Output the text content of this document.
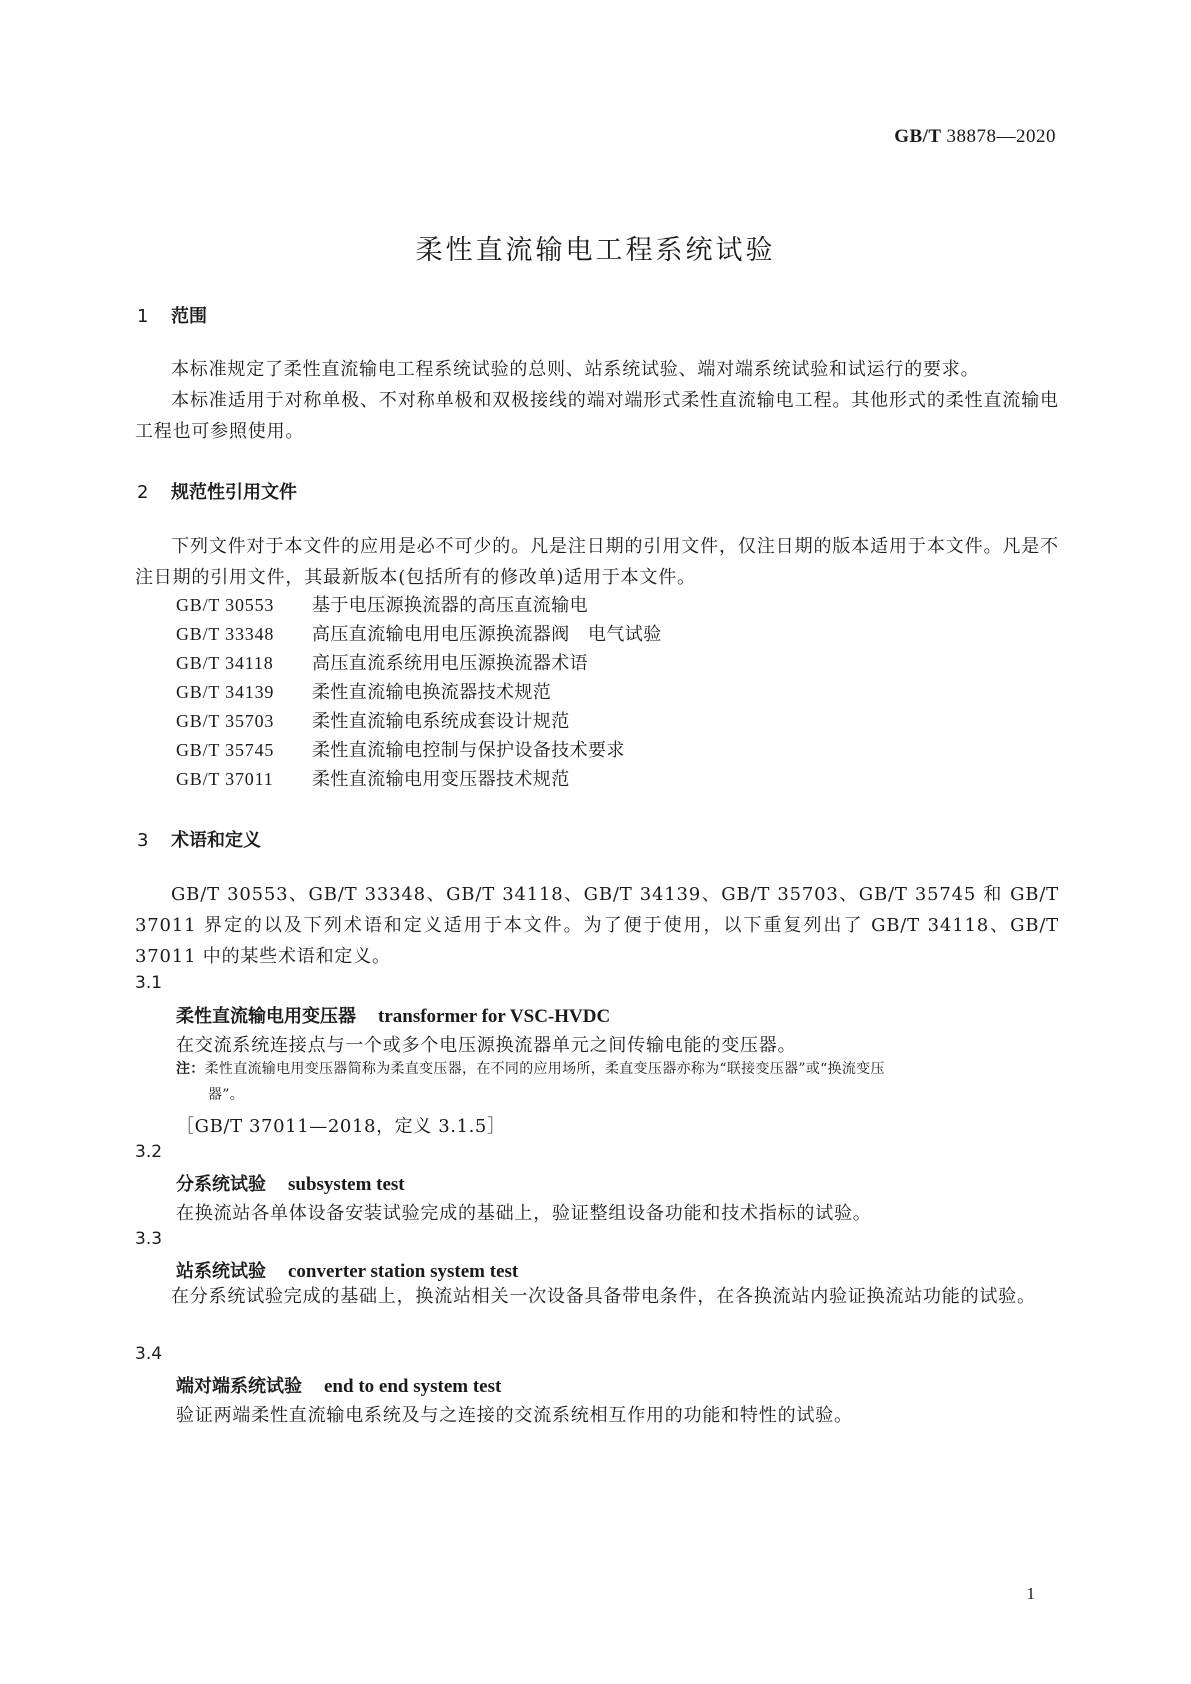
GB/T 38878—2020
柔性直流输电工程系统试验
1 范围
本标准规定了柔性直流输电工程系统试验的总则、站系统试验、端对端系统试验和试运行的要求。
本标准适用于对称单极、不对称单极和双极接线的端对端形式柔性直流输电工程。其他形式的柔性直流输电工程也可参照使用。
2 规范性引用文件
下列文件对于本文件的应用是必不可少的。凡是注日期的引用文件，仅注日期的版本适用于本文件。凡是不注日期的引用文件，其最新版本(包括所有的修改单)适用于本文件。
GB/T 30553 基于电压源换流器的高压直流输电
GB/T 33348 高压直流输电用电压源换流器阀　电气试验
GB/T 34118 高压直流系统用电压源换流器术语
GB/T 34139 柔性直流输电换流器技术规范
GB/T 35703 柔性直流输电系统成套设计规范
GB/T 35745 柔性直流输电控制与保护设备技术要求
GB/T 37011 柔性直流输电用变压器技术规范
3 术语和定义
GB/T 30553、GB/T 33348、GB/T 34118、GB/T 34139、GB/T 35703、GB/T 35745 和 GB/T 37011 界定的以及下列术语和定义适用于本文件。为了便于使用，以下重复列出了 GB/T 34118、GB/T 37011 中的某些术语和定义。
3.1
柔性直流输电用变压器 transformer for VSC-HVDC
在交流系统连接点与一个或多个电压源换流器单元之间传输电能的变压器。
注：柔性直流输电用变压器简称为柔直变压器，在不同的应用场所，柔直变压器亦称为“联接变压器”或“换流变压
器”。
［GB/T 37011—2018，定义 3.1.5］
3.2
分系统试验 subsystem test
在换流站各单体设备安装试验完成的基础上，验证整组设备功能和技术指标的试验。
3.3
站系统试验 converter station system test
在分系统试验完成的基础上，换流站相关一次设备具备带电条件，在各换流站内验证换流站功能的试验。
3.4
端对端系统试验 end to end system test
验证两端柔性直流输电系统及与之连接的交流系统相互作用的功能和特性的试验。
1
